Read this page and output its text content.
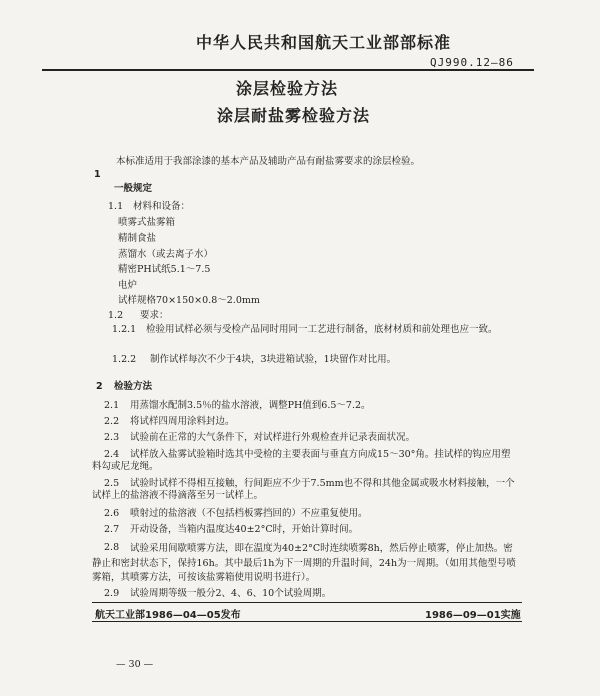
中华人民共和国航天工业部部标准
QJ990.12—86
涂层检验方法
涂层耐盐雾检验方法
本标准适用于我部涂漆的基本产品及辅助产品有耐盐雾要求的涂层检验。
1
一般规定
1.1 材料和设备：
喷雾式盐雾箱
精制食盐
蒸馏水（或去离子水）
精密PH试纸5.1～7.5
电炉
试样规格70×150×0.8～2.0mm
1.2 要求：
1.2.1	检验用试样必须与受检产品同时用同一工艺进行制备，底材材质和前处理也应一致。
1.2.2 制作试样每次不少于4块，3块进箱试验，1块留作对比用。
2 检验方法
2.1 用蒸馏水配制3.5％的盐水溶液，调整PH值到6.5～7.2。
2.2 将试样四周用涂料封边。
2.3 试验前在正常的大气条件下，对试样进行外观检查并记录表面状况。
2.4	试样放入盐雾试验箱时选其中受检的主要表面与垂直方向成15～30°角。挂试样的钩应用塑料勾或尼龙绳。
2.5	试验时试样不得相互接触，行间距应不少于7.5mm也不得和其他金属或吸水材料接触，一个试样上的盐溶液不得滴落至另一试样上。
2.6 喷射过的盐溶液（不包括档板雾挡回的）不应重复使用。
2.7 开动设备，当箱内温度达40±2°C时，开始计算时间。
2.8	试验采用间歇喷雾方法，即在温度为40±2°C时连续喷雾8h，然后停止喷雾，停止加热。密静止和密封状态下，保持16h。其中最后1h为下一周期的升温时间，24h为一周期。（如用其他型号喷雾箱，其喷雾方法，可按该盐雾箱使用说明书进行）。
2.9 试验周期等级一般分2、4、6、10个试验周期。
航天工业部1986—04—05发布	1986—09—01实施
— 30 —
